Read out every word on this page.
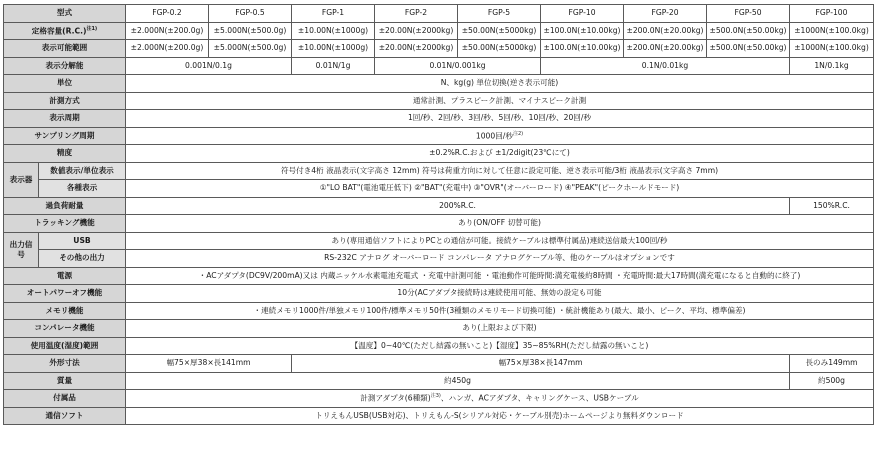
型式		FGP-0.2	FGP-0.5	FGP-1	FGP-2	FGP-5	FGP-10	FGP-20	FGP-50	FGP-100
定格容量$(R.C.)^{注1)}$		±2.000N(±200.0g)	±5.000N(±500.0g)	±10.00N(±1000g)	±20.00N(±2000kg)	±50.00N(±5000kg)	±100.0N(±10.00kg)	±200.0N(±20.00kg)	±500.0N(±50.00kg)	±1000N(±100.0kg)
表示可能範囲		±2.000N(±200.0g)	±5.000N(±500.0g)	±10.00N(±1000g)	±20.00N(±2000kg)	±50.00N(±5000kg)	±100.0N(±10.00kg)	±200.0N(±20.00kg)	±500.0N(±50.00kg)	±1000N(±100.0kg)
表示分解能		0.001N/0.1g		0.01N/1g	0.01N/0.001kg		0.1N/0.01kg			1N/0.1kg
単位		N、kg(g) 単位切換(逆さ表示可能)								
計測方式		通常計測、プラスピーク計測、マイナスピーク計測								
表示周期		1回/秒、2回/秒、3回/秒、5回/秒、10回/秒、20回/秒								
サンプリング周期		1000回/秒$^{注2)}$
精度		±0.2%R.C.および ±1/2digit(23℃にて)								
表示器	数値表示/単位表示	符号付き4桁 液晶表示(文字高さ 12mm) 符号は荷重方向に対して任意に設定可能、逆さ表示可能/3桁 液晶表示(文字高さ 7mm)								
	各種表示	①"LO BAT"(電池電圧低下) ②"BAT"(充電中) ③"OVR"(オーバーロード) ④"PEAK"(ピークホールドモード)								
過負荷耐量		200%R.C.								150%R.C.
トラッキング機能		あり(ON/OFF 切替可能)								
出力信号	USB	あり(専用通信ソフトによりPCとの通信が可能。接続ケーブルは標準付属品)連続送信最大100回/秒								
	その他の出力	RS-232C アナログ オーバーロード コンパレータ アナログケーブル等、他のケーブルはオプションです								
電源		・ACアダプタ(DC9V/200mA)又は 内蔵ニッケル水素電池充電式 ・充電中計測可能 ・電池動作可能時間:満充電後約8時間 ・充電時間:最大17時間(満充電になると自動的に終了)								
オートパワーオフ機能		10分(ACアダプタ接続時は連続使用可能、無効の設定も可能								
メモリ機能		・連続メモリ1000件/単独メモリ100件/標準メモリ50件(3種類のメモリモード切換可能) ・統計機能あり(最大、最小、ピーク、平均、標準偏差)								
コンパレータ機能		あり(上限および下限)								
使用温度(湿度)範囲		【温度】0~40℃(ただし結露の無いこと)【湿度】35~85%RH(ただし結露の無いこと)								
外形寸法		幅75×厚38×長141mm		幅75×厚38×長147mm						長のみ149mm
質量		約450g								約500g
付属品		計測アダプタ(6種類)$^{注3)}$、ハンガ、ACアダプタ、キャリングケース、USBケーブル								
通信ソフト		トリえもんUSB(USB対応)、トリえもん-S(シリアル対応・ケーブル別売)ホームページより無料ダウンロード								
